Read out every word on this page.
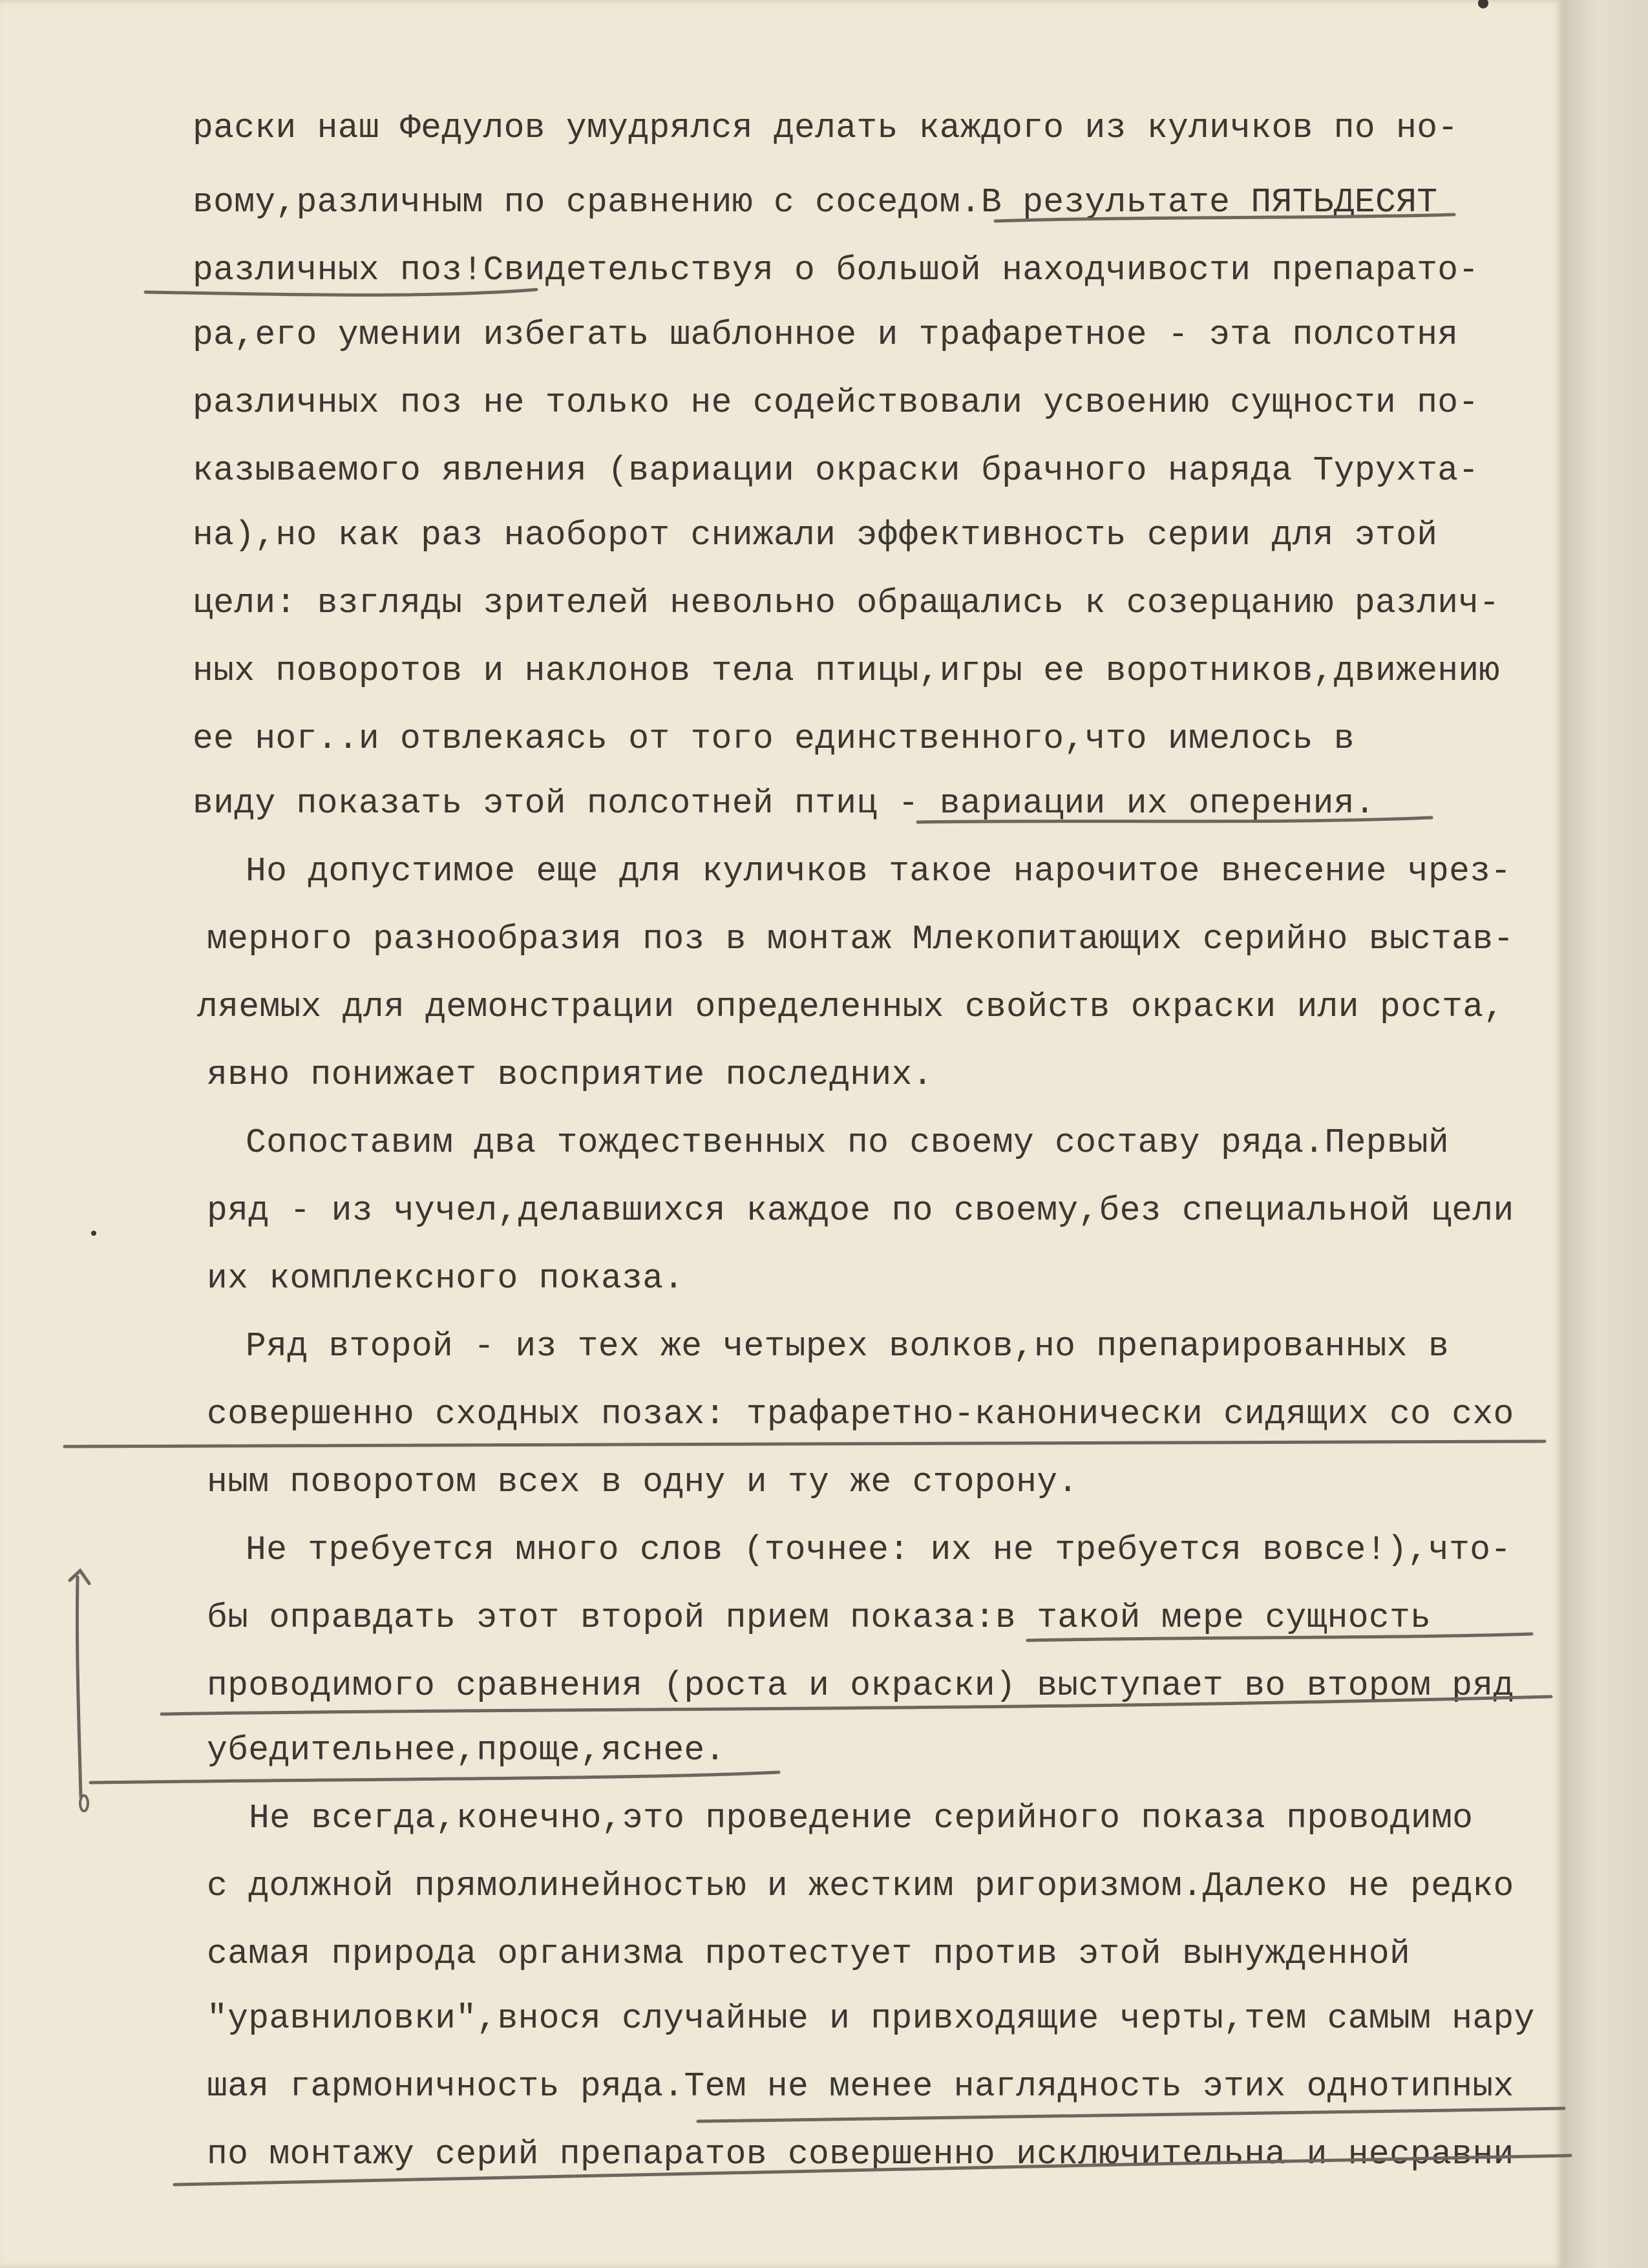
раски наш Федулов умудрялся делать каждого из куличков по но-
вому,различным по сравнению с соседом.В результате ПЯТЬДЕСЯТ
различных поз!Свидетельствуя о большой находчивости препарато-
ра,его умении избегать шаблонное и трафаретное - эта полсотня
различных поз не только не содействовали усвоению сущности по-
казываемого явления (вариации окраски брачного наряда Турухта-
на),но как раз наоборот снижали эффективность серии для этой
цели: взгляды зрителей невольно обращались к созерцанию различ-
ных поворотов и наклонов тела птицы,игры ее воротников,движению
ее ног..и отвлекаясь от того единственного,что имелось в
виду показать этой полсотней птиц - вариации их оперения.
Но допустимое еще для куличков такое нарочитое внесение чрез-
мерного разнообразия поз в монтаж Млекопитающих серийно выстав-
ляемых для демонстрации определенных свойств окраски или роста,
явно понижает восприятие последних.
Сопоставим два тождественных по своему составу ряда.Первый
ряд - из чучел,делавшихся каждое по своему,без специальной цели
их комплексного показа.
Ряд второй - из тех же четырех волков,но препарированных в
совершенно сходных позах: трафаретно-канонически сидящих со схо
ным поворотом всех в одну и ту же сторону.
Не требуется много слов (точнее: их не требуется вовсе!),что-
бы оправдать этот второй прием показа:в такой мере сущность
проводимого сравнения (роста и окраски) выступает во втором ряд
убедительнее,проще,яснее.
Не всегда,конечно,это проведение серийного показа проводимо
с должной прямолинейностью и жестким ригоризмом.Далеко не редко
самая природа организма протестует против этой вынужденной
"уравниловки",внося случайные и привходящие черты,тем самым нару
шая гармоничность ряда.Тем не менее наглядность этих однотипных
по монтажу серий препаратов совершенно исключительна и несравни
